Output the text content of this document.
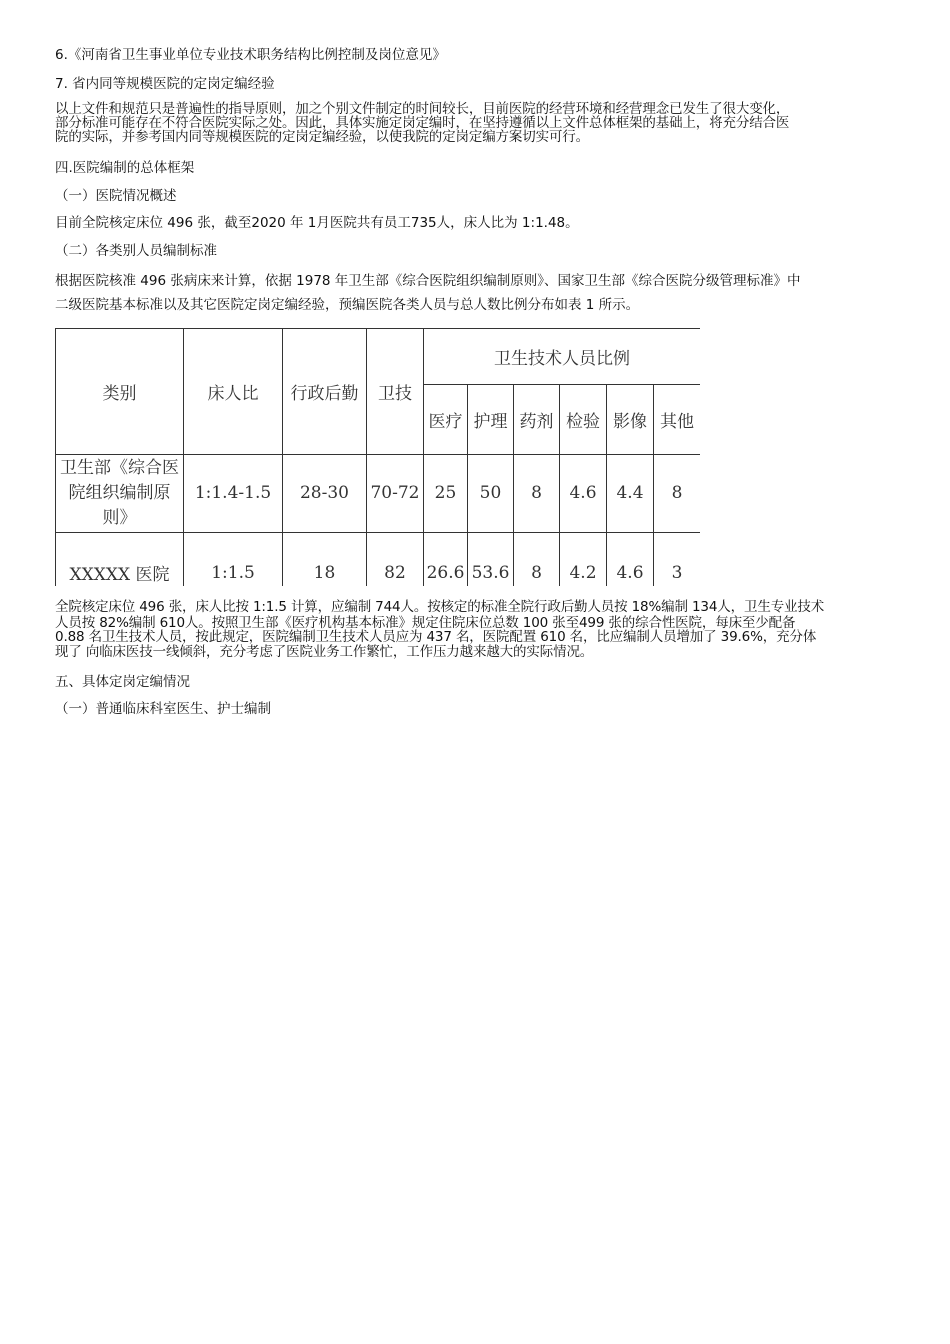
6.《河南省卫生事业单位专业技术职务结构比例控制及岗位意见》
7. 省内同等规模医院的定岗定编经验
以上文件和规范只是普遍性的指导原则，加之个别文件制定的时间较长，目前医院的经营环境和经营理念已发生了很大变化，
部分标准可能存在不符合医院实际之处。因此，具体实施定岗定编时，在坚持遵循以上文件总体框架的基础上，将充分结合医
院的实际，并参考国内同等规模医院的定岗定编经验，以使我院的定岗定编方案切实可行。
四.医院编制的总体框架
（一）医院情况概述
目前全院核定床位 496 张，截至2020 年 1月医院共有员工735人，床人比为 1:1.48。
（二）各类别人员编制标准
根据医院核准 496 张病床来计算，依据 1978 年卫生部《综合医院组织编制原则》、国家卫生部《综合医院分级管理标准》中
二级医院基本标准以及其它医院定岗定编经验，预编医院各类人员与总人数比例分布如表 1 所示。
类别	床人比	行政后勤	卫技	卫生技术人员比例					
				医疗	护理	药剂	检验	影像	其他
卫生部《综合医院组织编制原则》	1:1.4-1.5	28-30	70-72	25	50	8	4.6	4.4	8
XXXXX 医院	1:1.5	18	82	26.6	53.6	8	4.2	4.6	3
全院核定床位 496 张，床人比按 1:1.5 计算，应编制 744人。按核定的标准全院行政后勤人员按 18%编制 134人，卫生专业技术
人员按 82%编制 610人。按照卫生部《医疗机构基本标准》规定住院床位总数 100 张至499 张的综合性医院，每床至少配备
0.88 名卫生技术人员，按此规定，医院编制卫生技术人员应为 437 名，医院配置 610 名，比应编制人员增加了 39.6%，充分体
现了 向临床医技一线倾斜，充分考虑了医院业务工作繁忙，工作压力越来越大的实际情况。
五、具体定岗定编情况
（一）普通临床科室医生、护士编制
